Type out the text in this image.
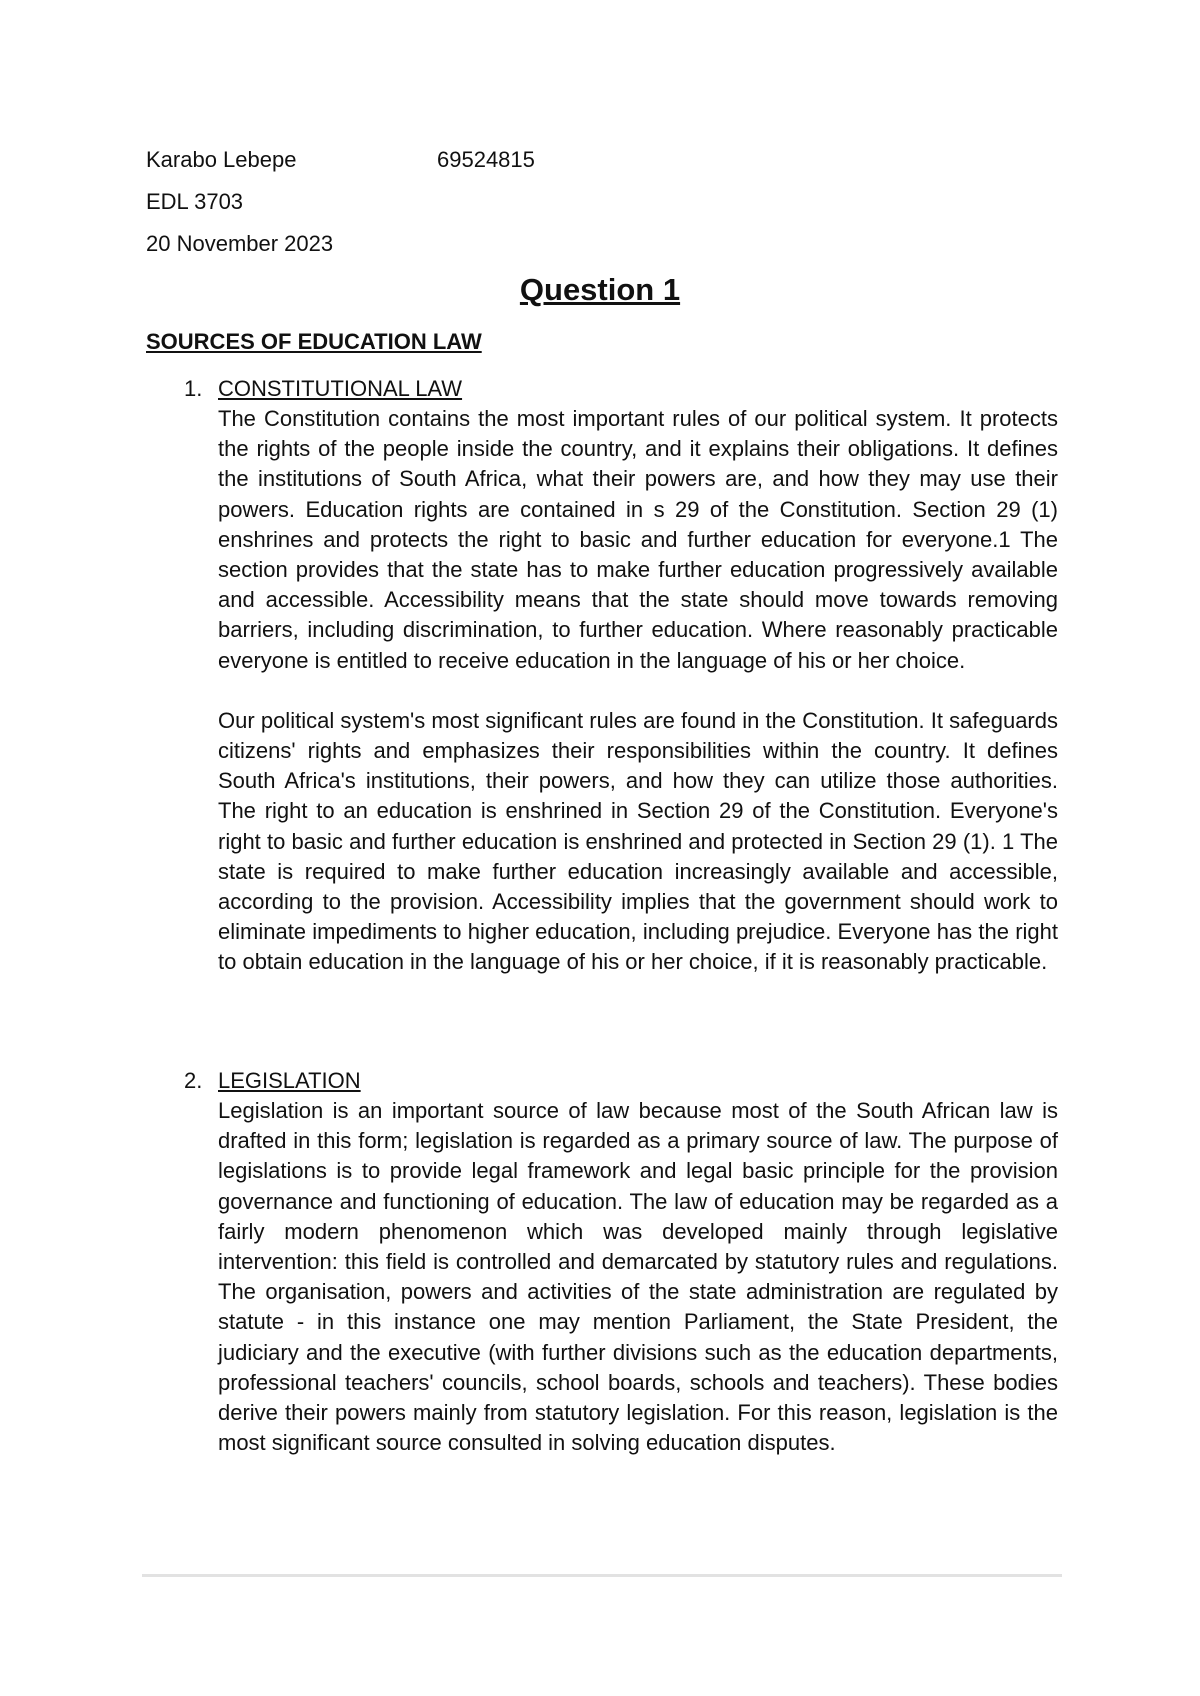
Karabo Lebepe	69524815
EDL 3703
20 November 2023
Question 1
SOURCES OF EDUCATION LAW
1. CONSTITUTIONAL LAW

The Constitution contains the most important rules of our political system. It protects the rights of the people inside the country, and it explains their obligations. It defines the institutions of South Africa, what their powers are, and how they may use their powers. Education rights are contained in s 29 of the Constitution. Section 29 (1) enshrines and protects the right to basic and further education for everyone.1 The section provides that the state has to make further education progressively available and accessible. Accessibility means that the state should move towards removing barriers, including discrimination, to further education. Where reasonably practicable everyone is entitled to receive education in the language of his or her choice.

Our political system's most significant rules are found in the Constitution. It safeguards citizens' rights and emphasizes their responsibilities within the country. It defines South Africa's institutions, their powers, and how they can utilize those authorities. The right to an education is enshrined in Section 29 of the Constitution. Everyone's right to basic and further education is enshrined and protected in Section 29 (1). 1 The state is required to make further education increasingly available and accessible, according to the provision. Accessibility implies that the government should work to eliminate impediments to higher education, including prejudice. Everyone has the right to obtain education in the language of his or her choice, if it is reasonably practicable.

2. LEGISLATION

Legislation is an important source of law because most of the South African law is drafted in this form; legislation is regarded as a primary source of law. The purpose of legislations is to provide legal framework and legal basic principle for the provision governance and functioning of education. The law of education may be regarded as a fairly modern phenomenon which was developed mainly through legislative intervention: this field is controlled and demarcated by statutory rules and regulations. The organisation, powers and activities of the state administration are regulated by statute - in this instance one may mention Parliament, the State President, the judiciary and the executive (with further divisions such as the education departments, professional teachers' councils, school boards, schools and teachers). These bodies derive their powers mainly from statutory legislation. For this reason, legislation is the most significant source consulted in solving education disputes.
